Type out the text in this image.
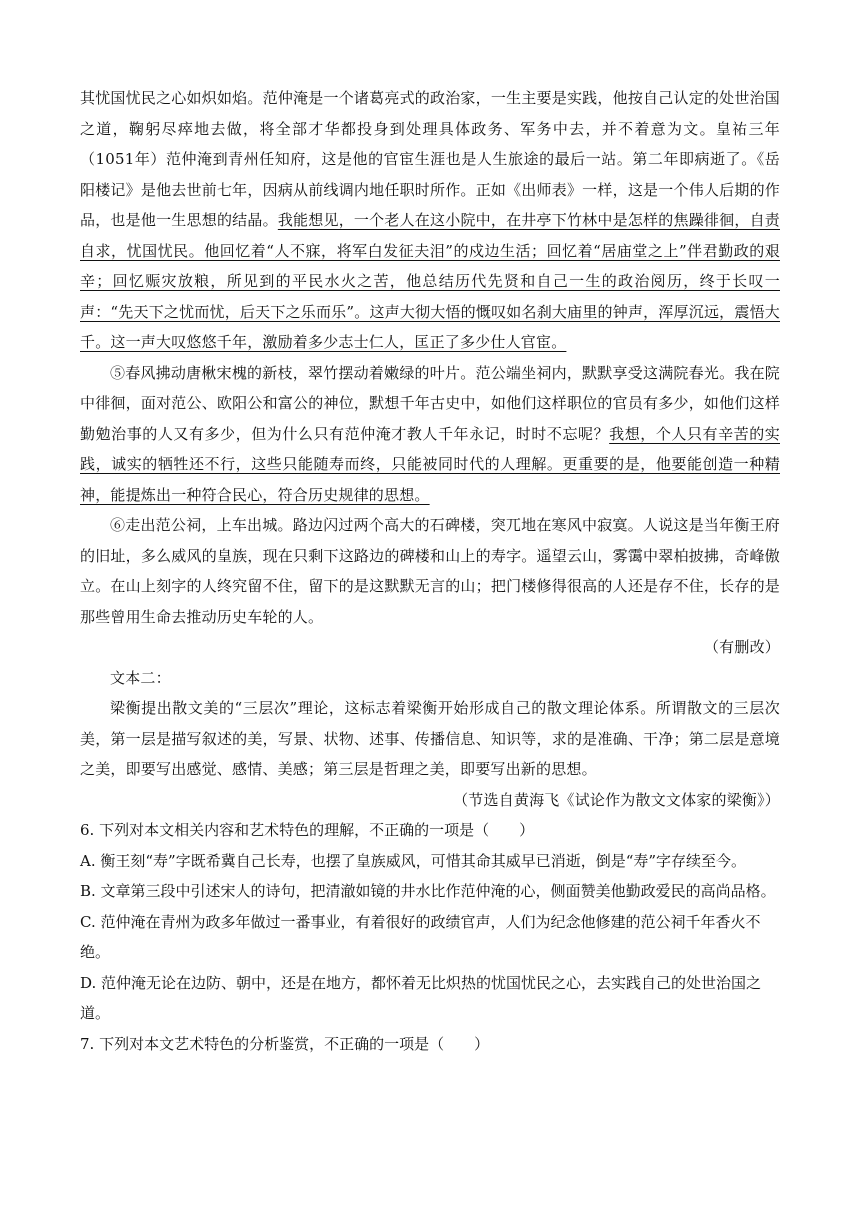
其忧国忧民之心如炽如焰。范仲淹是一个诸葛亮式的政治家，一生主要是实践，他按自己认定的处世治国之道，鞠躬尽瘁地去做，将全部才华都投身到处理具体政务、军务中去，并不着意为文。皇祐三年（1051年）范仲淹到青州任知府，这是他的官宦生涯也是人生旅途的最后一站。第二年即病逝了。《岳阳楼记》是他去世前七年，因病从前线调内地任职时所作。正如《出师表》一样，这是一个伟人后期的作品，也是他一生思想的结晶。我能想见，一个老人在这小院中，在井亭下竹林中是怎样的焦躁徘徊，自责自求，忧国忧民。他回忆着“人不寐，将军白发征夫泪”的戍边生活；回忆着“居庙堂之上”伴君勤政的艰辛；回忆赈灾放粮，所见到的平民水火之苦，他总结历代先贤和自己一生的政治阅历，终于长叹一声：“先天下之忧而忧，后天下之乐而乐”。这声大彻大悟的慨叹如名刹大庙里的钟声，浑厚沉远，震悟大千。这一声大叹悠悠千年，激励着多少志士仁人，匡正了多少仕人官宦。

⑤春风拂动唐楸宋槐的新枝，翠竹摆动着嫩绿的叶片。范公端坐祠内，默默享受这满院春光。我在院中徘徊，面对范公、欧阳公和富公的神位，默想千年古史中，如他们这样职位的官员有多少，如他们这样勤勉治事的人又有多少，但为什么只有范仲淹才教人千年永记，时时不忘呢？我想，个人只有辛苦的实践，诚实的牺牲还不行，这些只能随寿而终，只能被同时代的人理解。更重要的是，他要能创造一种精神，能提炼出一种符合民心，符合历史规律的思想。

⑥走出范公祠，上车出城。路边闪过两个高大的石碑楼，突兀地在寒风中寂寞。人说这是当年衡王府的旧址，多么威风的皇族，现在只剩下这路边的碑楼和山上的寿字。遥望云山，雾霭中翠柏披拂，奇峰傲立。在山上刻字的人终究留不住，留下的是这默默无言的山；把门楼修得很高的人还是存不住，长存的是那些曾用生命去推动历史车轮的人。

（有删改）

文本二：

梁衡提出散文美的“三层次”理论，这标志着梁衡开始形成自己的散文理论体系。所谓散文的三层次美，第一层是描写叙述的美，写景、状物、述事、传播信息、知识等，求的是准确、干净；第二层是意境之美，即要写出感觉、感情、美感；第三层是哲理之美，即要写出新的思想。

（节选自黄海飞《试论作为散文文体家的梁衡》）

6. 下列对本文相关内容和艺术特色的理解，不正确的一项是（　　）

A. 衡王刻“寿”字既希冀自己长寿，也摆了皇族威风，可惜其命其威早已消逝，倒是“寿”字存续至今。

B. 文章第三段中引述宋人的诗句，把清澈如镜的井水比作范仲淹的心，侧面赞美他勤政爱民的高尚品格。

C. 范仲淹在青州为政多年做过一番事业，有着很好的政绩官声，人们为纪念他修建的范公祠千年香火不绝。

D. 范仲淹无论在边防、朝中，还是在地方，都怀着无比炽热的忧国忧民之心，去实践自己的处世治国之道。

7. 下列对本文艺术特色的分析鉴赏，不正确的一项是（　　）
